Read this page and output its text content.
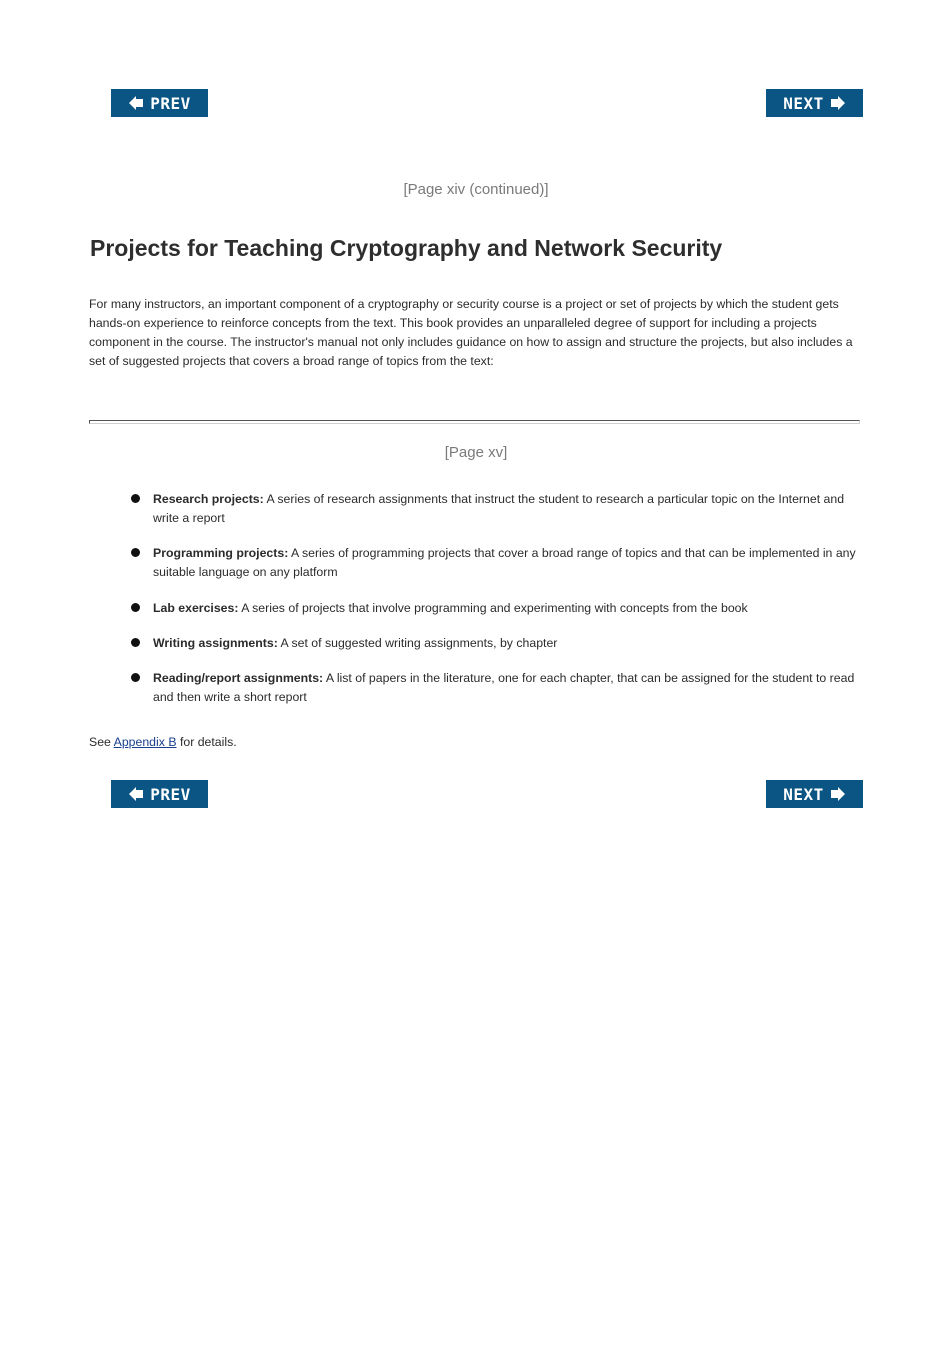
PREV	NEXT
[Page xiv (continued)]
Projects for Teaching Cryptography and Network Security

For many instructors, an important component of a cryptography or security course is a project or set of projects by which the student gets hands-on experience to reinforce concepts from the text. This book provides an unparalleled degree of support for including a projects component in the course. The instructor's manual not only includes guidance on how to assign and structure the projects, but also includes a set of suggested projects that covers a broad range of topics from the text:

[Page xv]
Research projects: A series of research assignments that instruct the student to research a particular topic on the Internet and write a report
Programming projects: A series of programming projects that cover a broad range of topics and that can be implemented in any suitable language on any platform
Lab exercises: A series of projects that involve programming and experimenting with concepts from the book
Writing assignments: A set of suggested writing assignments, by chapter
Reading/report assignments: A list of papers in the literature, one for each chapter, that can be assigned for the student to read and then write a short report

See Appendix B for details.

PREV	NEXT
